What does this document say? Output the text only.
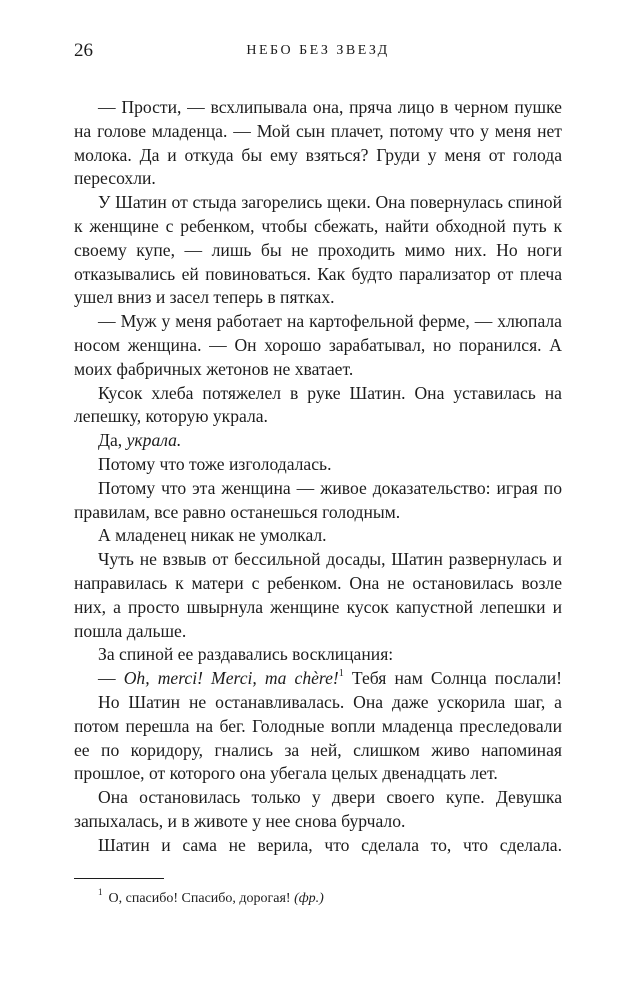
26	НЕБО БЕЗ ЗВЕЗД

— Прости, — всхлипывала она, пряча лицо в черном пушке на голове младенца. — Мой сын плачет, потому что у меня нет молока. Да и откуда бы ему взяться? Груди у меня от голода пересохли.

У Шатин от стыда загорелись щеки. Она повернулась спиной к женщине с ребенком, чтобы сбежать, найти обходной путь к своему купе, — лишь бы не проходить мимо них. Но ноги отказывались ей повиноваться. Как будто парализатор от плеча ушел вниз и засел теперь в пятках.

— Муж у меня работает на картофельной ферме, — хлюпала носом женщина. — Он хорошо зарабатывал, но поранился. А моих фабричных жетонов не хватает.

Кусок хлеба потяжелел в руке Шатин. Она уставилась на лепешку, которую украла.

Да, украла.

Потому что тоже изголодалась.

Потому что эта женщина — живое доказательство: играя по правилам, все равно останешься голодным.

А младенец никак не умолкал.

Чуть не взвыв от бессильной досады, Шатин развернулась и направилась к матери с ребенком. Она не остановилась возле них, а просто швырнула женщине кусок капустной лепешки и пошла дальше.

За спиной ее раздавались восклицания:

— Oh, merci! Merci, ma chère!$^1$ Тебя нам Солнца послали!

Но Шатин не останавливалась. Она даже ускорила шаг, а потом перешла на бег. Голодные вопли младенца преследовали ее по коридору, гнались за ней, слишком живо напоминая прошлое, от которого она убегала целых двенадцать лет.

Она остановилась только у двери своего купе. Девушка запыхалась, и в животе у нее снова бурчало.

Шатин и сама не верила, что сделала то, что сделала.

$^1$ О, спасибо! Спасибо, дорогая! (фр.)
